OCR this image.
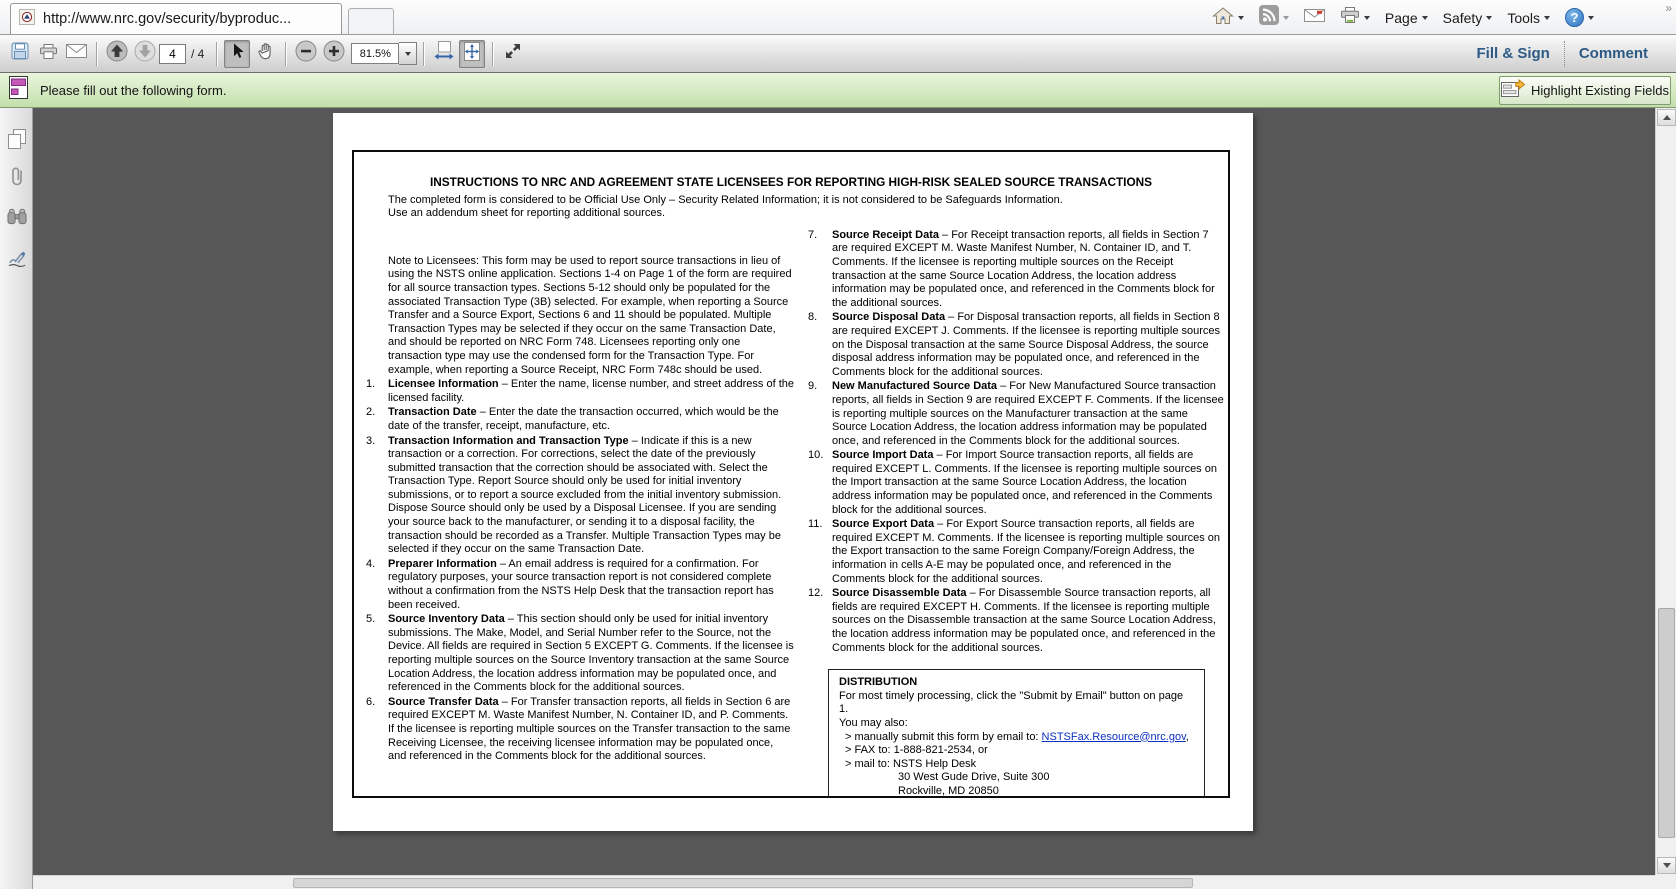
http://www.nrc.gov/security/byproduc...	Page Safety Tools	?
»
4
/ 4	81.5%	Fill & Sign	Comment
Please fill out the following form.	Highlight Existing Fields
INSTRUCTIONS TO NRC AND AGREEMENT STATE LICENSEES FOR REPORTING HIGH-RISK SEALED SOURCE TRANSACTIONS
The completed form is considered to be Official Use Only – Security Related Information; it is not considered to be Safeguards Information.
Use an addendum sheet for reporting additional sources.
Note to Licensees: This form may be used to report source transactions in lieu of using the NSTS online application. Sections 1-4 on Page 1 of the form are required for all source transaction types. Sections 5-12 should only be populated for the associated Transaction Type (3B) selected. For example, when reporting a Source Transfer and a Source Export, Sections 6 and 11 should be populated. Multiple Transaction Types may be selected if they occur on the same Transaction Date, and should be reported on NRC Form 748. Licensees reporting only one transaction type may use the condensed form for the Transaction Type. For example, when reporting a Source Receipt, NRC Form 748c should be used.
1.	Licensee Information – Enter the name, license number, and street address of the licensed facility.
2.	Transaction Date – Enter the date the transaction occurred, which would be the date of the transfer, receipt, manufacture, etc.
3.	Transaction Information and Transaction Type – Indicate if this is a new transaction or a correction. For corrections, select the date of the previously submitted transaction that the correction should be associated with. Select the Transaction Type. Report Source should only be used for initial inventory submissions, or to report a source excluded from the initial inventory submission. Dispose Source should only be used by a Disposal Licensee. If you are sending your source back to the manufacturer, or sending it to a disposal facility, the transaction should be recorded as a Transfer. Multiple Transaction Types may be selected if they occur on the same Transaction Date.
4.	Preparer Information – An email address is required for a confirmation. For regulatory purposes, your source transaction report is not considered complete without a confirmation from the NSTS Help Desk that the transaction report has been received.
5.	Source Inventory Data – This section should only be used for initial inventory submissions. The Make, Model, and Serial Number refer to the Source, not the Device. All fields are required in Section 5 EXCEPT G. Comments. If the licensee is reporting multiple sources on the Source Inventory transaction at the same Source Location Address, the location address information may be populated once, and referenced in the Comments block for the additional sources.
6.	Source Transfer Data – For Transfer transaction reports, all fields in Section 6 are required EXCEPT M. Waste Manifest Number, N. Container ID, and P. Comments. If the licensee is reporting multiple sources on the Transfer transaction to the same Receiving Licensee, the receiving licensee information may be populated once, and referenced in the Comments block for the additional sources.
7.	Source Receipt Data – For Receipt transaction reports, all fields in Section 7 are required EXCEPT M. Waste Manifest Number, N. Container ID, and T. Comments. If the licensee is reporting multiple sources on the Receipt transaction at the same Source Location Address, the location address information may be populated once, and referenced in the Comments block for the additional sources.
8.	Source Disposal Data – For Disposal transaction reports, all fields in Section 8 are required EXCEPT J. Comments. If the licensee is reporting multiple sources on the Disposal transaction at the same Source Disposal Address, the source disposal address information may be populated once, and referenced in the Comments block for the additional sources.
9.	New Manufactured Source Data – For New Manufactured Source transaction reports, all fields in Section 9 are required EXCEPT F. Comments. If the licensee is reporting multiple sources on the Manufacturer transaction at the same Source Location Address, the location address information may be populated once, and referenced in the Comments block for the additional sources.
10. Source Import Data – For Import Source transaction reports, all fields are required EXCEPT L. Comments. If the licensee is reporting multiple sources on the Import transaction at the same Source Location Address, the location address information may be populated once, and referenced in the Comments block for the additional sources.
11. Source Export Data – For Export Source transaction reports, all fields are required EXCEPT M. Comments. If the licensee is reporting multiple sources on the Export transaction to the same Foreign Company/Foreign Address, the information in cells A-E may be populated once, and referenced in the Comments block for the additional sources.
12. Source Disassemble Data – For Disassemble Source transaction reports, all fields are required EXCEPT H. Comments. If the licensee is reporting multiple sources on the Disassemble transaction at the same Source Location Address, the location address information may be populated once, and referenced in the Comments block for the additional sources.
DISTRIBUTION
For most timely processing, click the "Submit by Email" button on page 1.
You may also:
> manually submit this form by email to: NSTSFax.Resource@nrc.gov,
> FAX to: 1-888-821-2534, or
> mail to: NSTS Help Desk
30 West Gude Drive, Suite 300
Rockville, MD 20850
